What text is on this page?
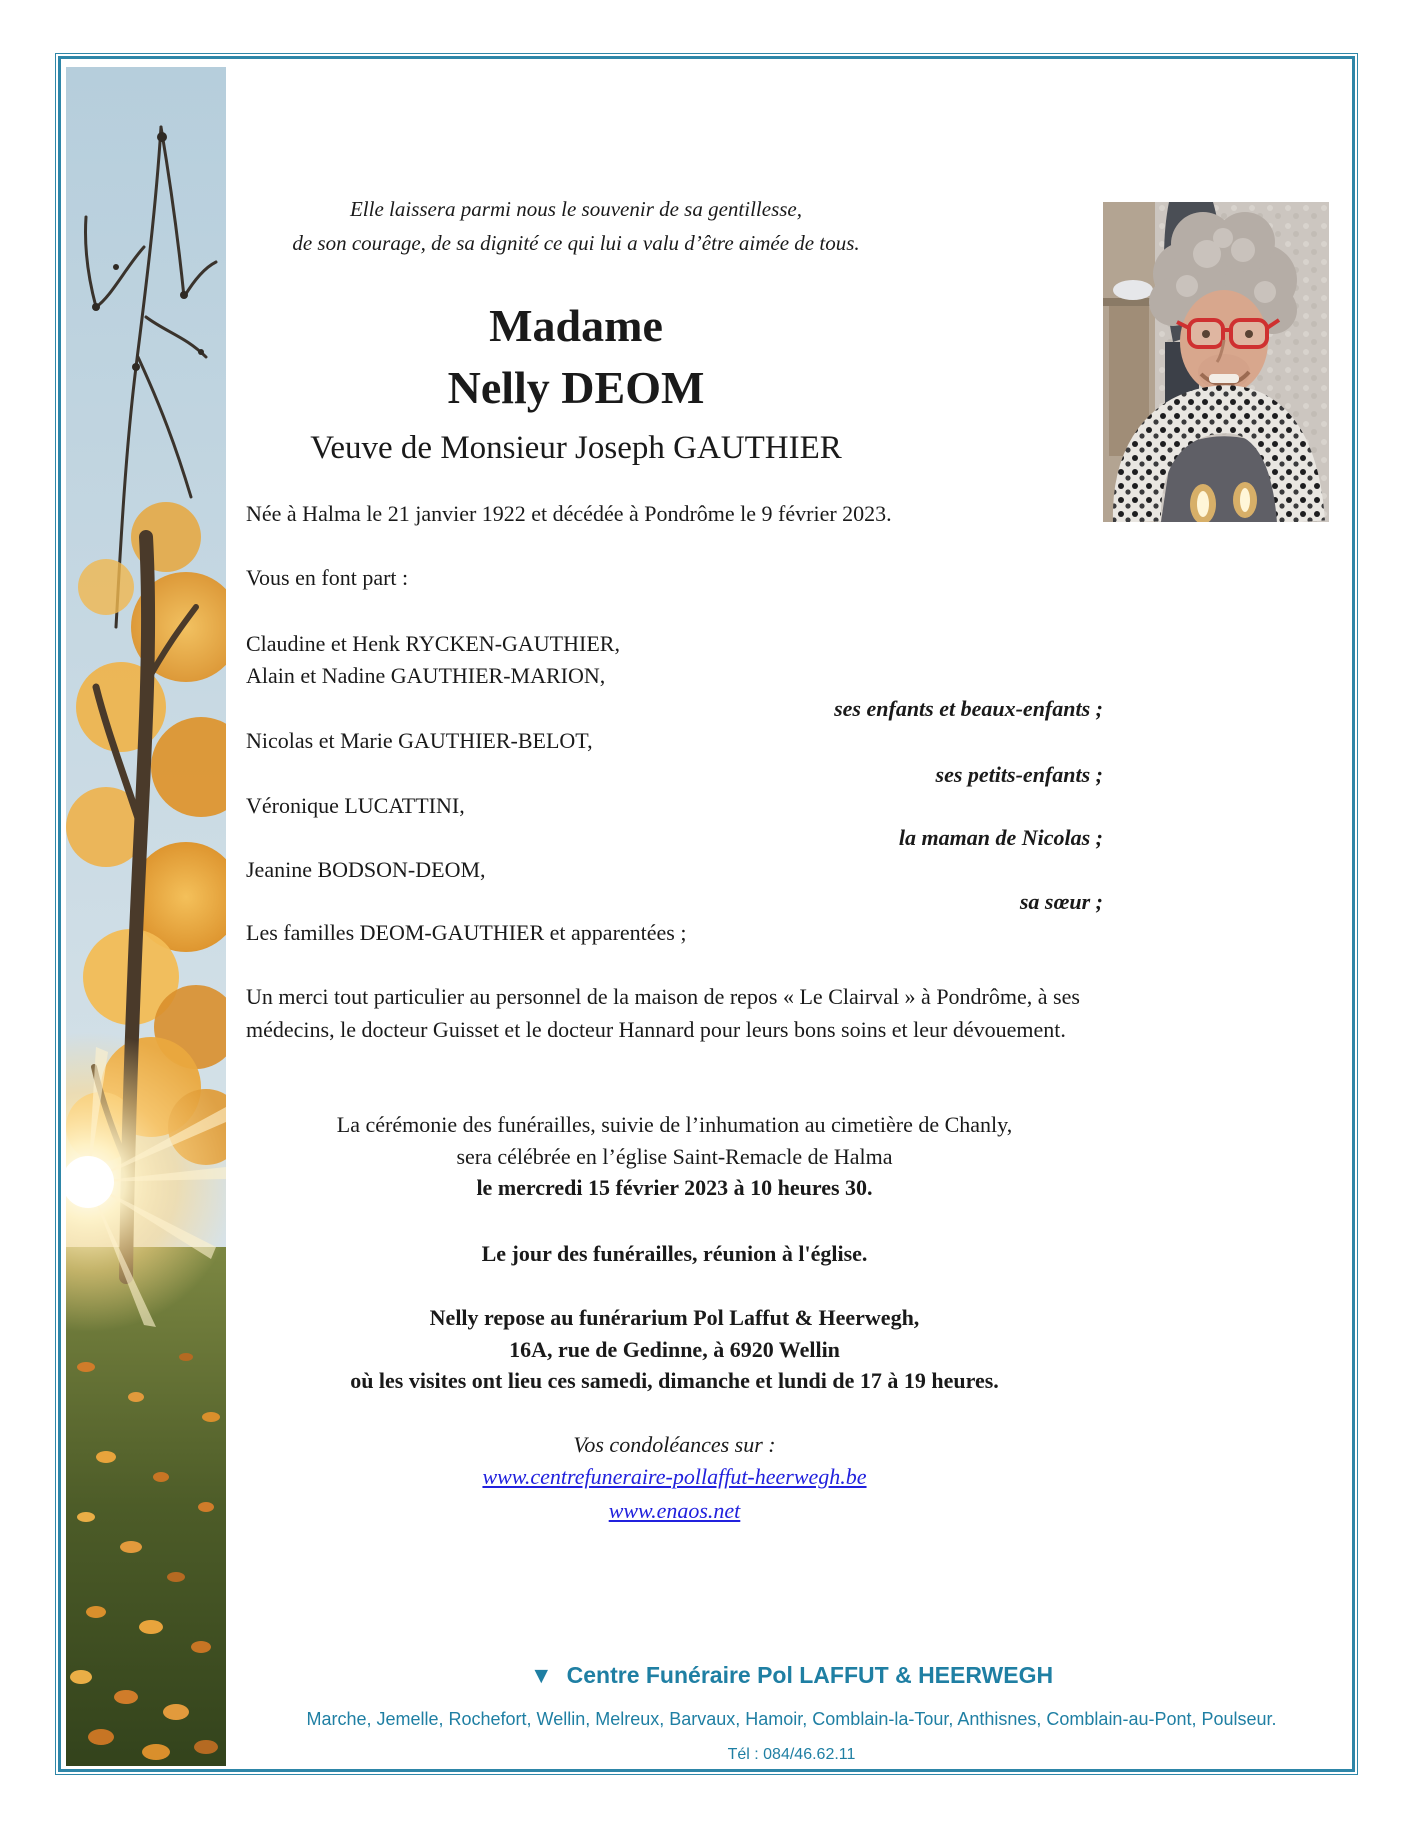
Elle laissera parmi nous le souvenir de sa gentillesse,
de son courage, de sa dignité ce qui lui a valu d’être aimée de tous.
Madame
Nelly DEOM
Veuve de Monsieur Joseph GAUTHIER
Née à Halma le 21 janvier 1922 et décédée à Pondrôme le 9 février 2023.
Vous en font part :
Claudine et Henk RYCKEN-GAUTHIER,
Alain et Nadine GAUTHIER-MARION,
ses enfants et beaux-enfants ;
Nicolas et Marie GAUTHIER-BELOT,
ses petits-enfants ;
Véronique LUCATTINI,
la maman de Nicolas ;
Jeanine BODSON-DEOM,
sa sœur ;
Les familles DEOM-GAUTHIER et apparentées ;
Un merci tout particulier au personnel de la maison de repos « Le Clairval » à Pondrôme, à ses médecins, le docteur Guisset et le docteur Hannard pour leurs bons soins et leur dévouement.
La cérémonie des funérailles, suivie de l’inhumation au cimetière de Chanly,
sera célébrée en l’église Saint-Remacle de Halma
le mercredi 15 février 2023 à 10 heures 30.
Le jour des funérailles, réunion à l'église.
Nelly repose au funérarium Pol Laffut & Heerwegh,
16A, rue de Gedinne, à 6920 Wellin
où les visites ont lieu ces samedi, dimanche et lundi de 17 à 19 heures.
Vos condoléances sur :
www.centrefuneraire-pollaffut-heerwegh.be
www.enaos.net
▼ Centre Funéraire Pol LAFFUT & HEERWEGH
Marche, Jemelle, Rochefort, Wellin, Melreux, Barvaux, Hamoir, Comblain-la-Tour, Anthisnes, Comblain-au-Pont, Poulseur.
Tél : 084/46.62.11
